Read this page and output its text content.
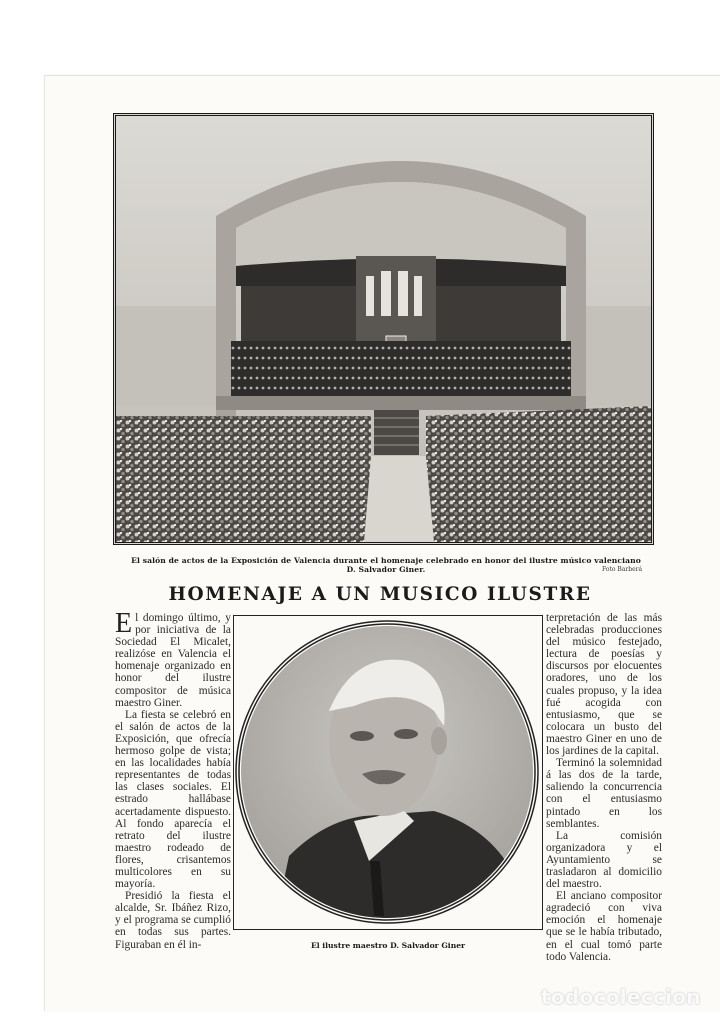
El salón de actos de la Exposición de Valencia durante el homenaje celebrado en honor del ilustre músico valenciano
D. Salvador Giner.	Foto Barberá
HOMENAJE A UN MUSICO ILUSTRE

El domingo último, y por iniciativa de la Sociedad El Micalet, realizóse en Valencia el homenaje organizado en honor del ilustre compositor de música maestro Giner.

La fiesta se celebró en el salón de actos de la Exposición, que ofrecía hermoso golpe de vista; en las localidades había representantes de todas las clases sociales. El estrado hallábase acertadamente dispuesto. Al fondo aparecía el retrato del ilustre maestro rodeado de flores, crisantemos multicolores en su mayoría.

Presidió la fiesta el alcalde, Sr. Ibáñez Rizo, y el programa se cumplió en todas sus partes. Figuraban en él in-	El ilustre maestro D. Salvador Giner

terpretación de las más celebradas producciones del músico festejado, lectura de poesías y discursos por elocuentes oradores, uno de los cuales propuso, y la idea fué acogida con entusiasmo, que se colocara un busto del maestro Giner en uno de los jardines de la capital.

Terminó la solemnidad á las dos de la tarde, saliendo la concurrencia con el entusiasmo pintado en los semblantes.

La comisión organizadora y el Ayuntamiento se trasladaron al domicilio del maestro.

El anciano compositor agradeció con viva emoción el homenaje que se le había tributado, en el cual tomó parte todo Valencia.

todocoleccion
